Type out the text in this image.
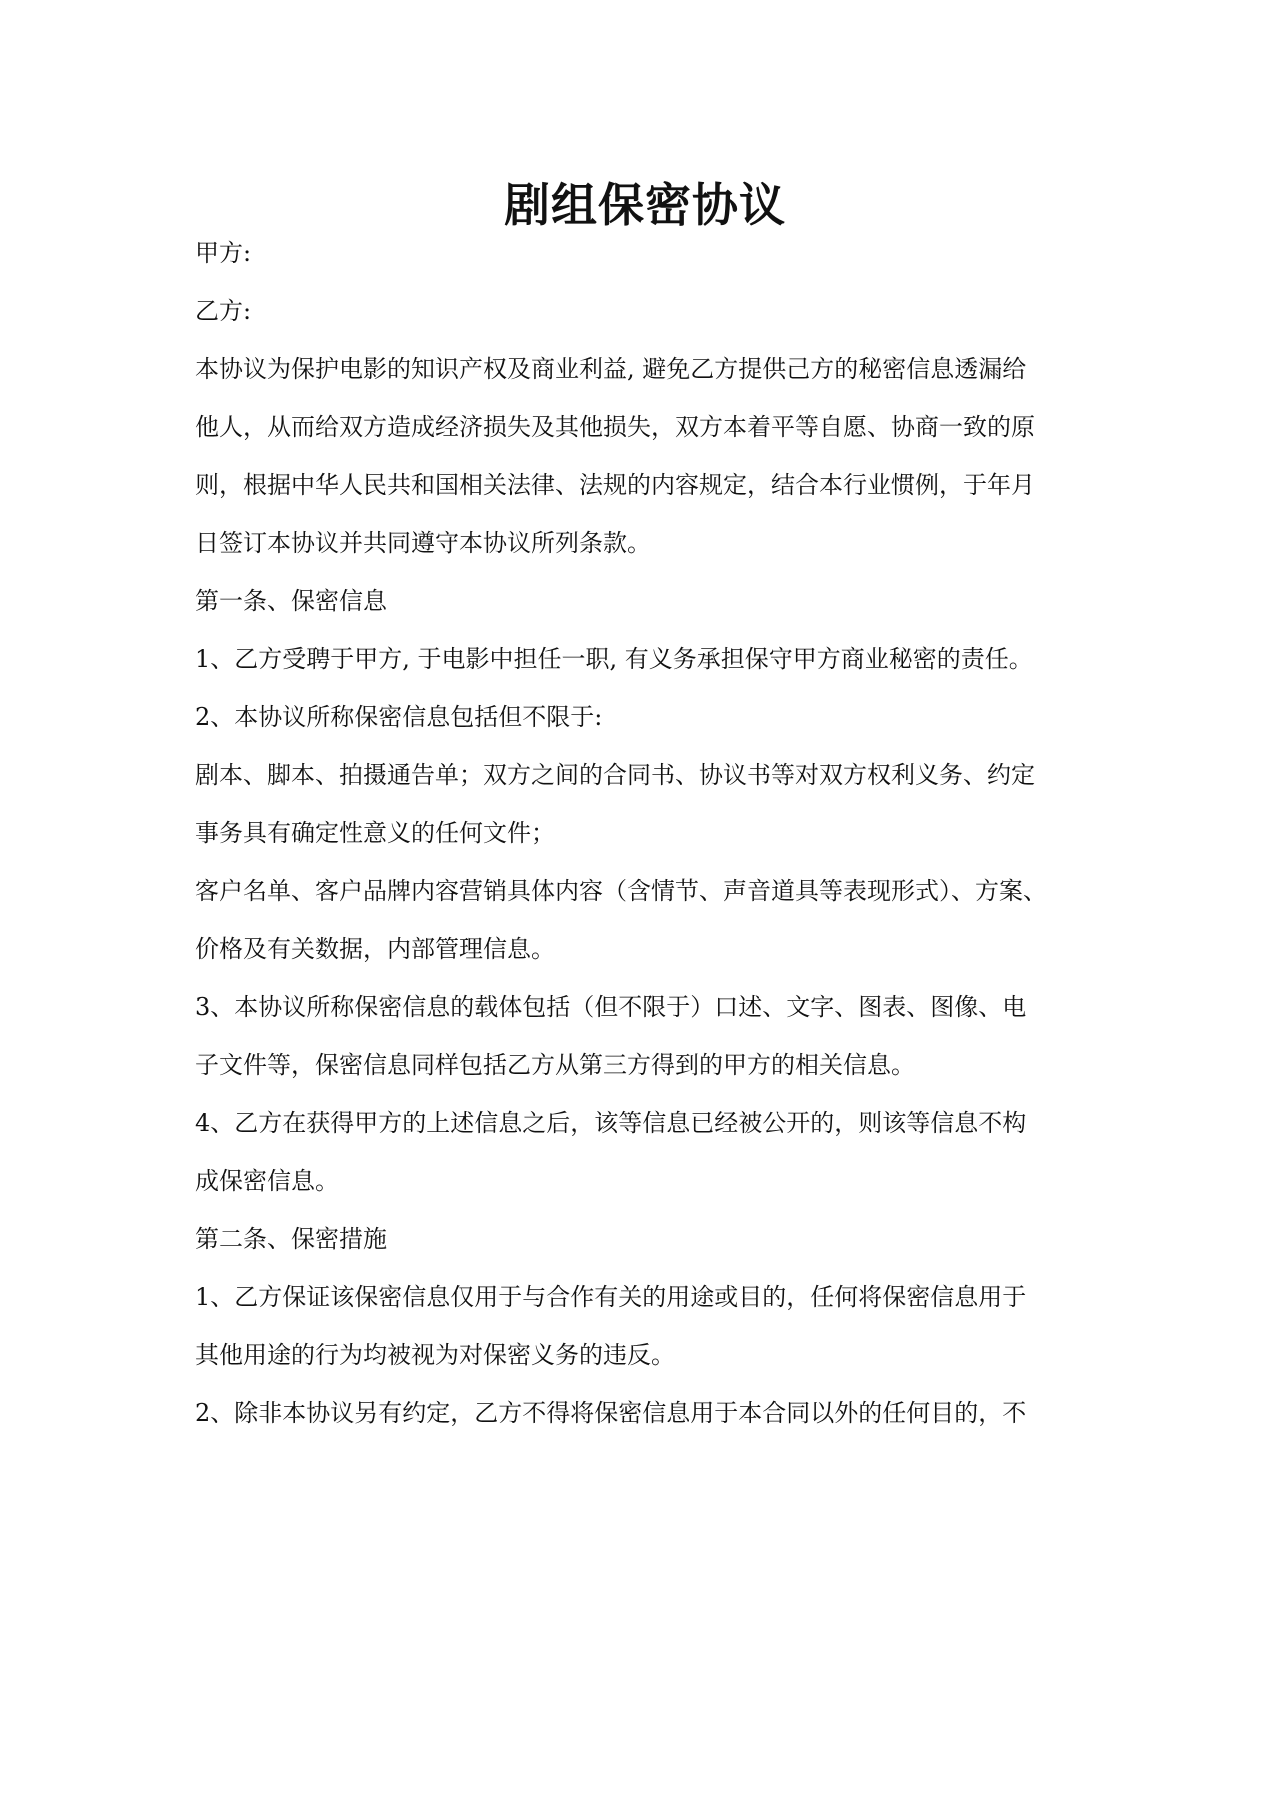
剧组保密协议

甲方:

乙方:

本协议为保护电影的知识产权及商业利益, 避免乙方提供己方的秘密信息透漏给

他人，从而给双方造成经济损失及其他损失，双方本着平等自愿、协商一致的原

则，根据中华人民共和国相关法律、法规的内容规定，结合本行业惯例，于年月

日签订本协议并共同遵守本协议所列条款。

第一条、保密信息

1、乙方受聘于甲方, 于电影中担任一职, 有义务承担保守甲方商业秘密的责任。

2、本协议所称保密信息包括但不限于:

剧本、脚本、拍摄通告单；双方之间的合同书、协议书等对双方权利义务、约定

事务具有确定性意义的任何文件；

客户名单、客户品牌内容营销具体内容（含情节、声音道具等表现形式）、方案、

价格及有关数据，内部管理信息。

3、本协议所称保密信息的载体包括（但不限于）口述、文字、图表、图像、电

子文件等，保密信息同样包括乙方从第三方得到的甲方的相关信息。

4、乙方在获得甲方的上述信息之后，该等信息已经被公开的，则该等信息不构

成保密信息。

第二条、保密措施

1、乙方保证该保密信息仅用于与合作有关的用途或目的，任何将保密信息用于

其他用途的行为均被视为对保密义务的违反。

2、除非本协议另有约定，乙方不得将保密信息用于本合同以外的任何目的，不
